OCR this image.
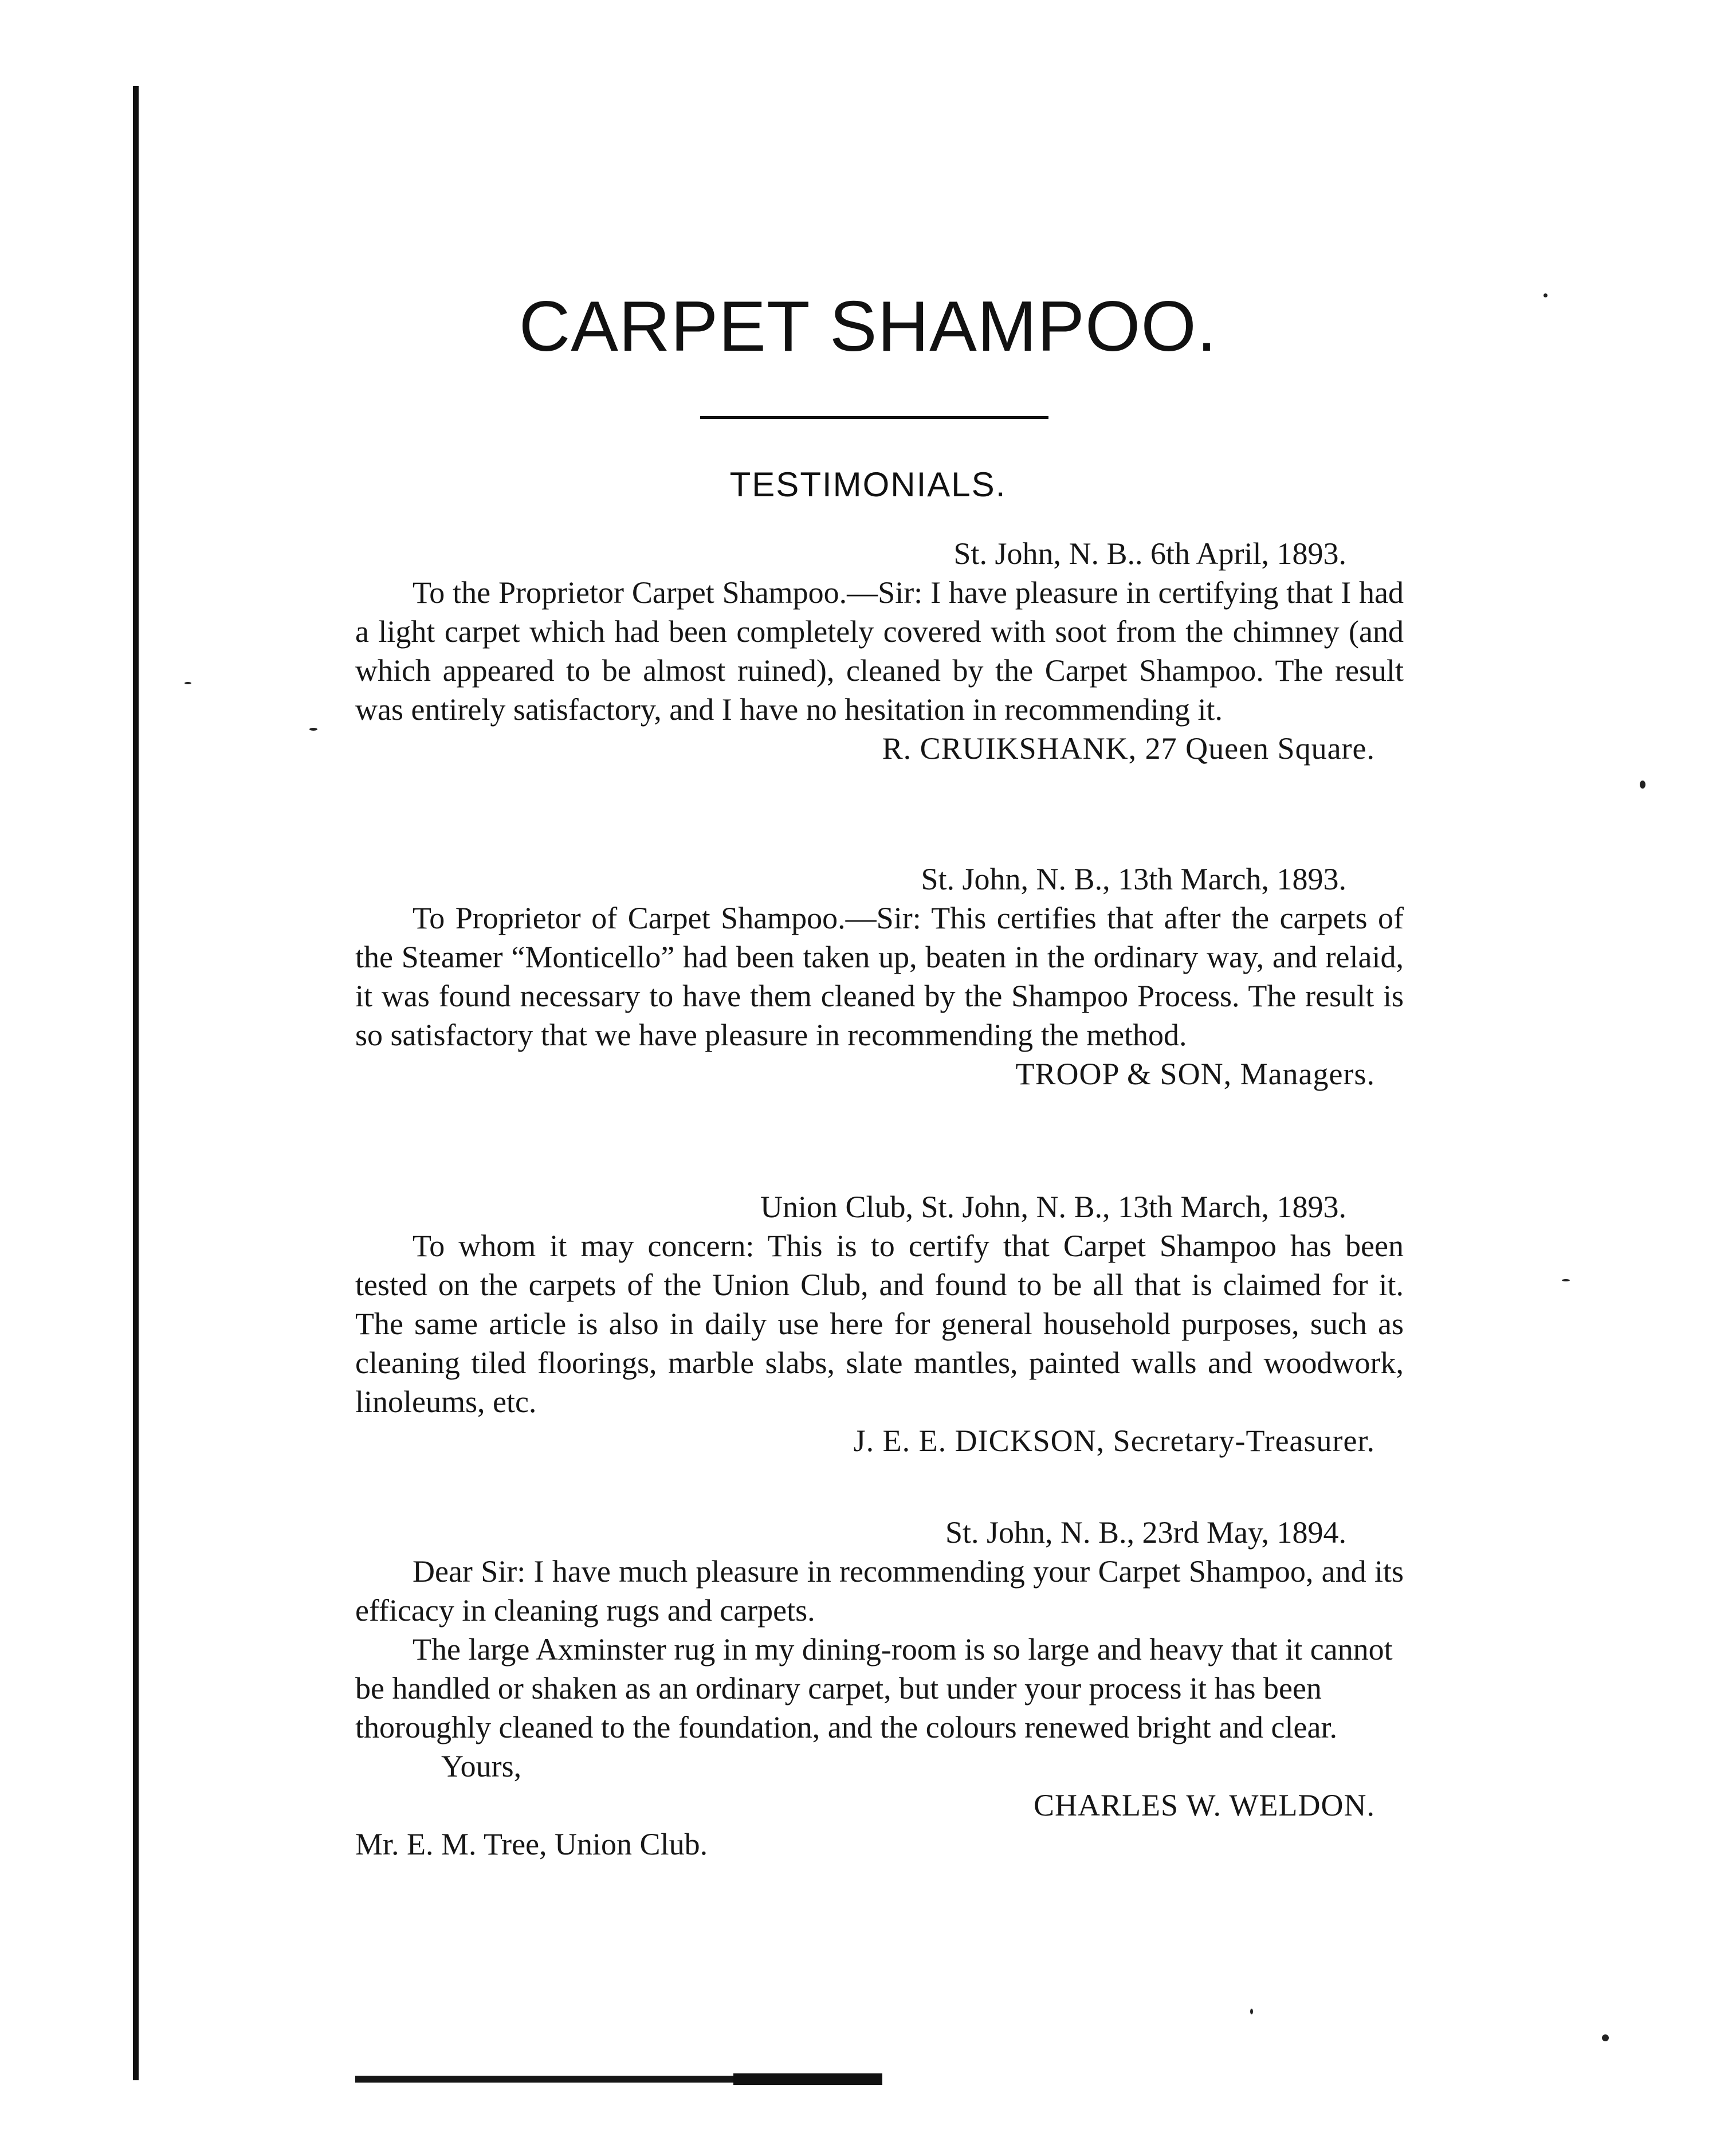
CARPET SHAMPOO.
TESTIMONIALS.
St. John, N. B.. 6th April, 1893.

To the Proprietor Carpet Shampoo.—Sir: I have pleasure in certifying that I had a light carpet which had been completely covered with soot from the chimney (and which appeared to be almost ruined), cleaned by the Carpet Shampoo. The result was entirely satisfactory, and I have no hesitation in recommending it.

R. CRUIKSHANK, 27 Queen Square.
St. John, N. B., 13th March, 1893.

To Proprietor of Carpet Shampoo.—Sir: This certifies that after the carpets of the Steamer “Monticello” had been taken up, beaten in the ordinary way, and relaid, it was found necessary to have them cleaned by the Shampoo Process. The result is so satisfactory that we have pleasure in recommending the method.

TROOP & SON, Managers.
Union Club, St. John, N. B., 13th March, 1893.

To whom it may concern: This is to certify that Carpet Shampoo has been tested on the carpets of the Union Club, and found to be all that is claimed for it. The same article is also in daily use here for general household purposes, such as cleaning tiled floorings, marble slabs, slate mantles, painted walls and woodwork, linoleums, etc.

J. E. E. DICKSON, Secretary-Treasurer.
St. John, N. B., 23rd May, 1894.

Dear Sir: I have much pleasure in recommending your Carpet Shampoo, and its efficacy in cleaning rugs and carpets.

The large Axminster rug in my dining-room is so large and heavy that it cannot be handled or shaken as an ordinary carpet, but under your process it has been thoroughly cleaned to the foundation, and the colours renewed bright and clear. Yours,

CHARLES W. WELDON.
Mr. E. M. Tree, Union Club.
